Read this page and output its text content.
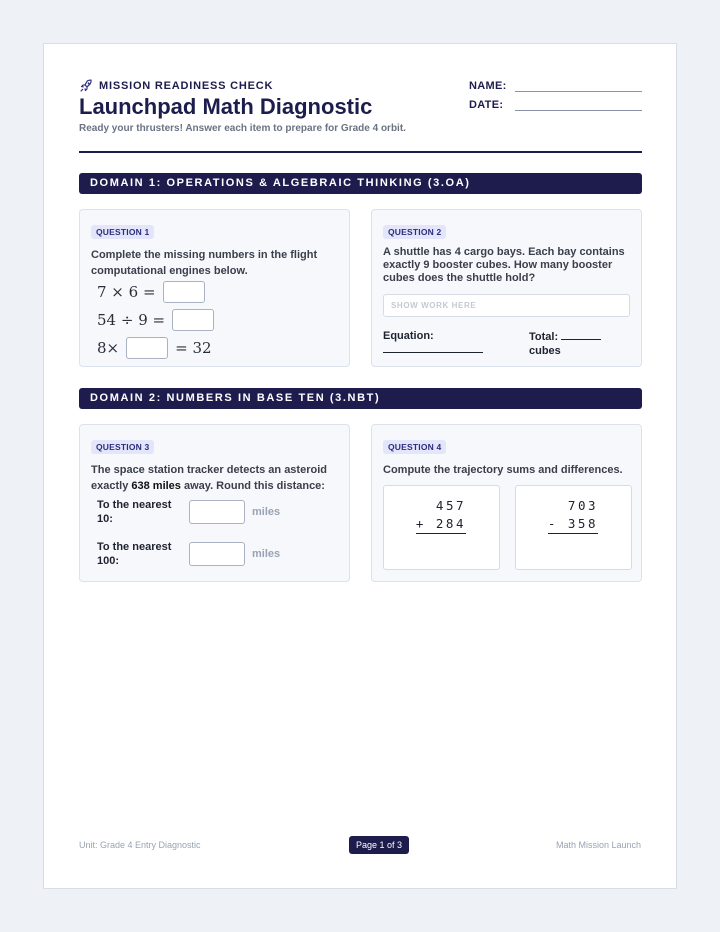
MISSION READINESS CHECK
Launchpad Math Diagnostic
Ready your thrusters! Answer each item to prepare for Grade 4 orbit.
NAME:
DATE:
DOMAIN 1: OPERATIONS & ALGEBRAIC THINKING (3.OA)
QUESTION 1
Complete the missing numbers in the flight computational engines below.
7 × 6 =
54 ÷ 9 =
8×	= 32
QUESTION 2
A shuttle has 4 cargo bays. Each bay contains exactly 9 booster cubes. How many booster cubes does the shuttle hold?
SHOW WORK HERE
Equation:	Total:
cubes
DOMAIN 2: NUMBERS IN BASE TEN (3.NBT)
QUESTION 3
The space station tracker detects an asteroid exactly 638 miles away. Round this distance:
To the nearest 10:
miles
To the nearest 100:
miles
QUESTION 4
Compute the trajectory sums and differences.
457
+ 284
703
- 358
Unit: Grade 4 Entry Diagnostic	Page 1 of 3	Math Mission Launch
